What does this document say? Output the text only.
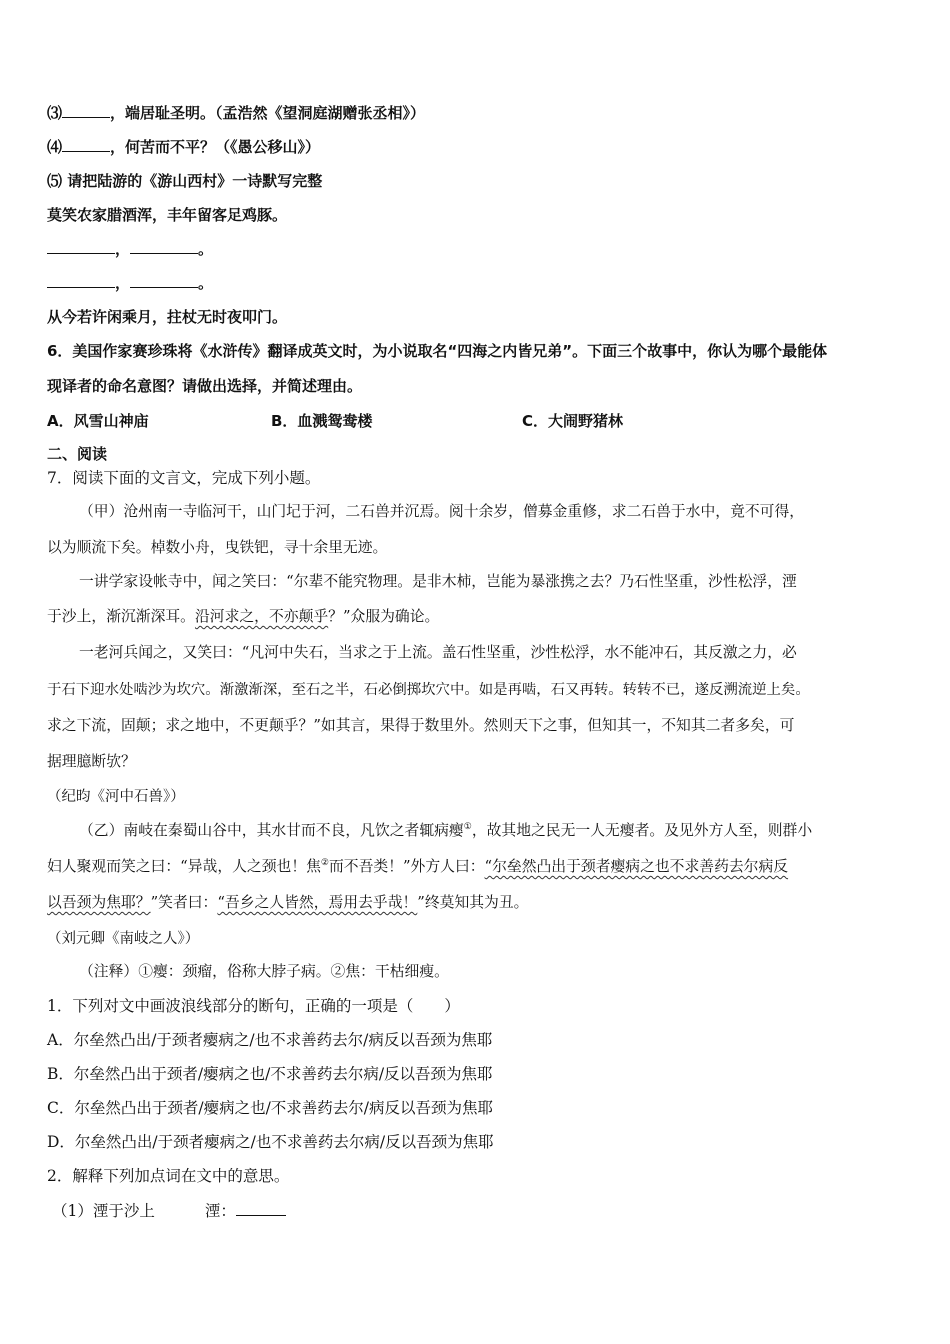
⑶	，端居耻圣明。（孟浩然《望洞庭湖赠张丞相》）
⑷	，何苦而不平？（《愚公移山》）
⑸ 请把陆游的《游山西村》一诗默写完整
莫笑农家腊酒浑，丰年留客足鸡豚。
，	。
，	。
从今若许闲乘月，拄杖无时夜叩门。
6．美国作家赛珍珠将《水浒传》翻译成英文时，为小说取名“四海之内皆兄弟”。下面三个故事中，你认为哪个最能体
现译者的命名意图？请做出选择，并简述理由。
A．风雪山神庙	B．血溅鸳鸯楼	C．大闹野猪林
二、阅读
7．阅读下面的文言文，完成下列小题。
（甲）沧州南一寺临河干，山门圮于河，二石兽并沉焉。阅十余岁，僧募金重修，求二石兽于水中，竟不可得，
以为顺流下矣。棹数小舟，曳铁钯，寻十余里无迹。
一讲学家设帐寺中，闻之笑曰：“尔辈不能究物理。是非木柿，岂能为暴涨携之去？乃石性坚重，沙性松浮，湮
于沙上，渐沉渐深耳。沿河求之，不亦颠乎？”众服为确论。
一老河兵闻之，又笑曰：“凡河中失石，当求之于上流。盖石性坚重，沙性松浮，水不能冲石，其反激之力，必
于石下迎水处啮沙为坎穴。渐激渐深，至石之半，石必倒掷坎穴中。如是再啮，石又再转。转转不已，遂反溯流逆上矣。
求之下流，固颠；求之地中，不更颠乎？”如其言，果得于数里外。然则天下之事，但知其一，不知其二者多矣，可
据理臆断欤？
（纪昀《河中石兽》）
（乙）南岐在秦蜀山谷中，其水甘而不良，凡饮之者辄病瘿①，故其地之民无一人无瘿者。及见外方人至，则群小
妇人聚观而笑之曰：“异哉，人之颈也！焦②而不吾类！”外方人曰：“尔垒然凸出于颈者瘿病之也不求善药去尔病反
以吾颈为焦耶？”笑者曰：“吾乡之人皆然，焉用去乎哉！”终莫知其为丑。
（刘元卿《南岐之人》）
（注释）①瘿：颈瘤，俗称大脖子病。②焦：干枯细瘦。
1．下列对文中画波浪线部分的断句，正确的一项是（　　）
A．尔垒然凸出/于颈者瘿病之/也不求善药去尔/病反以吾颈为焦耶
B．尔垒然凸出于颈者/瘿病之也/不求善药去尔病/反以吾颈为焦耶
C．尔垒然凸出于颈者/瘿病之也/不求善药去尔/病反以吾颈为焦耶
D．尔垒然凸出/于颈者瘿病之/也不求善药去尔病/反以吾颈为焦耶
2．解释下列加点词在文中的意思。
（1）湮于沙上	湮：
